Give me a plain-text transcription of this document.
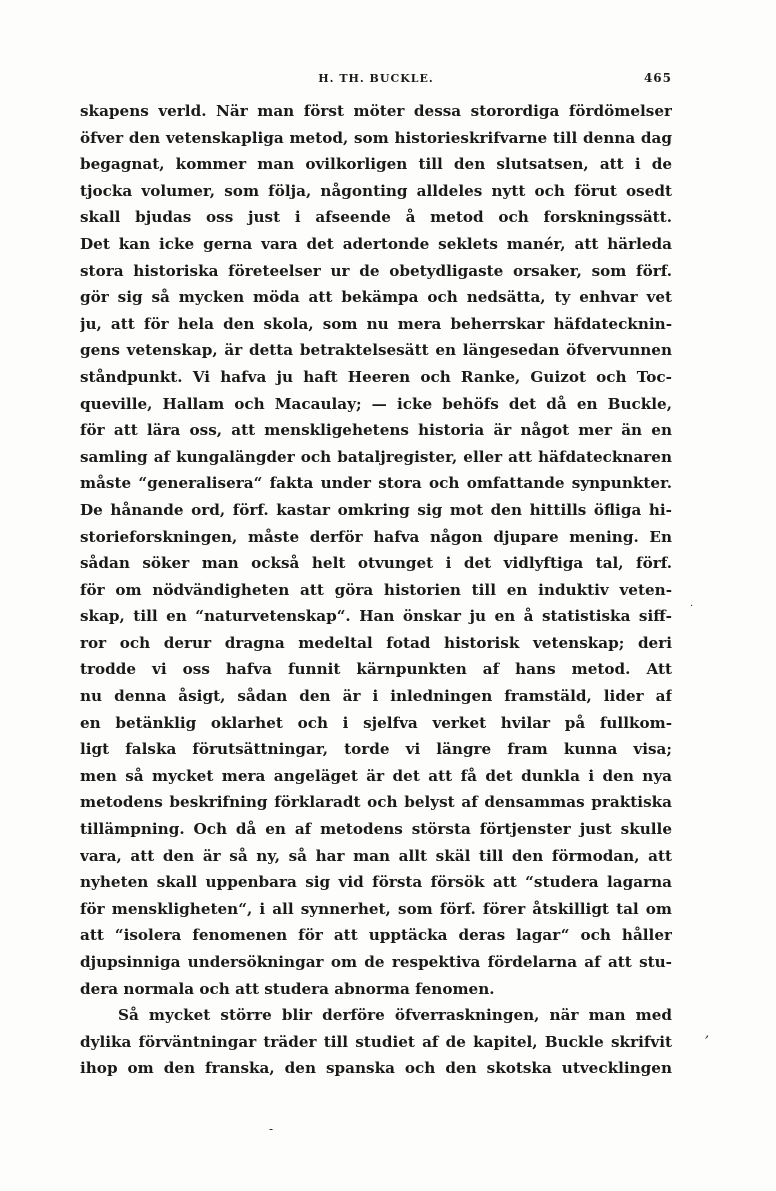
H. TH. BUCKLE.	465
skapens verld. När man först möter dessa storordiga fördömelser
öfver den vetenskapliga metod, som historieskrifvarne till denna dag
begagnat, kommer man ovilkorligen till den slutsatsen, att i de
tjocka volumer, som följa, någonting alldeles nytt och förut osedt
skall bjudas oss just i afseende å metod och forskningssätt.
Det kan icke gerna vara det adertonde seklets manér, att härleda
stora historiska företeelser ur de obetydligaste orsaker, som förf.
gör sig så mycken möda att bekämpa och nedsätta, ty enhvar vet
ju, att för hela den skola, som nu mera beherrskar häfdatecknin-
gens vetenskap, är detta betraktelsesätt en längesedan öfvervunnen
ståndpunkt. Vi hafva ju haft Heeren och Ranke, Guizot och Toc-
queville, Hallam och Macaulay; — icke behöfs det då en Buckle,
för att lära oss, att menskligehetens historia är något mer än en
samling af kungalängder och bataljregister, eller att häfdatecknaren
måste “generalisera“ fakta under stora och omfattande synpunkter.
De hånande ord, förf. kastar omkring sig mot den hittills öfliga hi-
storieforskningen, måste derför hafva någon djupare mening. En
sådan söker man också helt otvunget i det vidlyftiga tal, förf.
för om nödvändigheten att göra historien till en induktiv veten-
skap, till en “naturvetenskap“. Han önskar ju en å statistiska siff-
ror och derur dragna medeltal fotad historisk vetenskap; deri
trodde vi oss hafva funnit kärnpunkten af hans metod. Att
nu denna åsigt, sådan den är i inledningen framstäld, lider af
en betänklig oklarhet och i sjelfva verket hvilar på fullkom-
ligt falska förutsättningar, torde vi längre fram kunna visa;
men så mycket mera angeläget är det att få det dunkla i den nya
metodens beskrifning förklaradt och belyst af densammas praktiska
tillämpning. Och då en af metodens största förtjenster just skulle
vara, att den är så ny, så har man allt skäl till den förmodan, att
nyheten skall uppenbara sig vid första försök att “studera lagarna
för menskligheten“, i all synnerhet, som förf. förer åtskilligt tal om
att “isolera fenomenen för att upptäcka deras lagar“ och håller
djupsinniga undersökningar om de respektiva fördelarna af att stu-
dera normala och att studera abnorma fenomen.
Så mycket större blir derföre öfverraskningen, när man med
dylika förväntningar träder till studiet af de kapitel, Buckle skrifvit
ihop om den franska, den spanska och den skotska utvecklingen
.
,
-
